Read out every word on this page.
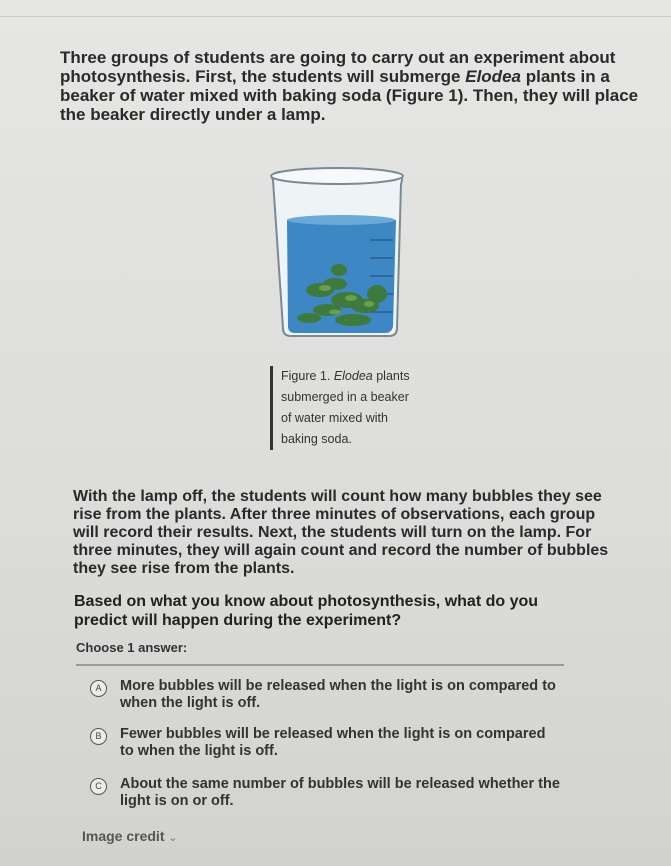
Three groups of students are going to carry out an experiment about photosynthesis. First, the students will submerge Elodea plants in a beaker of water mixed with baking soda (Figure 1). Then, they will place the beaker directly under a lamp.
Figure 1. Elodea plants submerged in a beaker of water mixed with baking soda.
With the lamp off, the students will count how many bubbles they see rise from the plants. After three minutes of observations, each group will record their results. Next, the students will turn on the lamp. For three minutes, they will again count and record the number of bubbles they see rise from the plants.
Based on what you know about photosynthesis, what do you predict will happen during the experiment?
Choose 1 answer:
A	More bubbles will be released when the light is on compared to when the light is off.
B	Fewer bubbles will be released when the light is on compared to when the light is off.
C	About the same number of bubbles will be released whether the light is on or off.
Image credit ⌄
